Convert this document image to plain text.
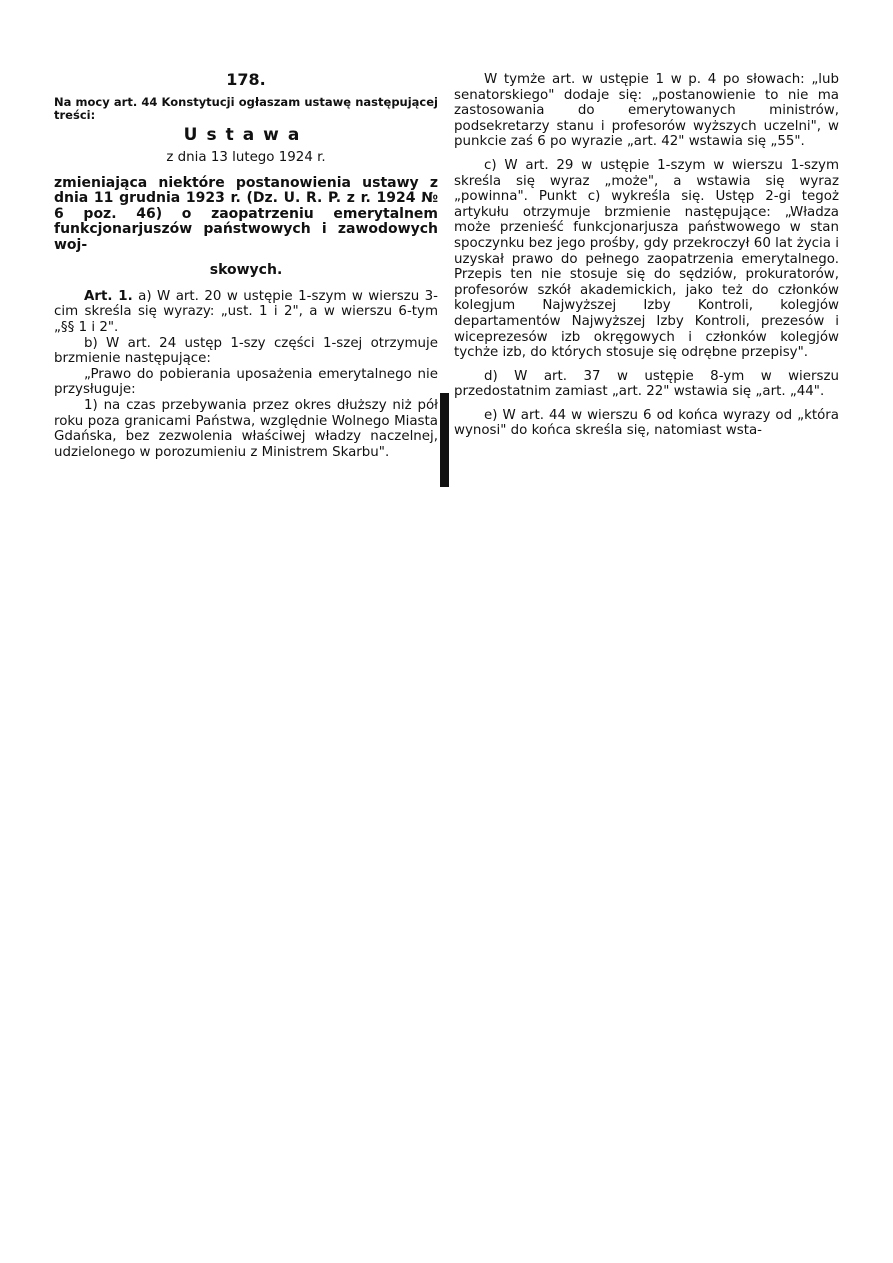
178.
Na mocy art. 44 Konstytucji ogłaszam ustawę następującej treści:
Ustawa
z dnia 13 lutego 1924 r.
zmieniająca niektóre postanowienia ustawy z dnia 11 grudnia 1923 r. (Dz. U. R. P. z r. 1924 № 6 poz. 46) o zaopatrzeniu emerytalnem funkcjonarjuszów państwowych i zawodowych woj-
skowych.

Art. 1. a) W art. 20 w ustępie 1-szym w wierszu 3-cim skreśla się wyrazy: „ust. 1 i 2", a w wierszu 6-tym „§§ 1 i 2".

b) W art. 24 ustęp 1-szy części 1-szej otrzymuje brzmienie następujące:

„Prawo do pobierania uposażenia emerytalnego nie przysługuje:

1) na czas przebywania przez okres dłuższy niż pół roku poza granicami Państwa, względnie Wolnego Miasta Gdańska, bez zezwolenia właściwej władzy naczelnej, udzielonego w porozumieniu z Ministrem Skarbu".

W tymże art. w ustępie 1 w p. 4 po słowach: „lub senatorskiego" dodaje się: „postanowienie to nie ma zastosowania do emerytowanych ministrów, podsekretarzy stanu i profesorów wyższych uczelni", w punkcie zaś 6 po wyrazie „art. 42" wstawia się „55".

c) W art. 29 w ustępie 1-szym w wierszu 1-szym skreśla się wyraz „może", a wstawia się wyraz „powinna". Punkt c) wykreśla się. Ustęp 2-gi tegoż artykułu otrzymuje brzmienie następujące: „Władza może przenieść funkcjonarjusza państwowego w stan spoczynku bez jego prośby, gdy przekroczył 60 lat życia i uzyskał prawo do pełnego zaopatrzenia emerytalnego. Przepis ten nie stosuje się do sędziów, prokuratorów, profesorów szkół akademickich, jako też do członków kolegjum Najwyższej Izby Kontroli, kolegjów departamentów Najwyższej Izby Kontroli, prezesów i wiceprezesów izb okręgowych i członków kolegjów tychże izb, do których stosuje się odrębne przepisy".

d) W art. 37 w ustępie 8-ym w wierszu przedostatnim zamiast „art. 22" wstawia się „art. „44".

e) W art. 44 w wierszu 6 od końca wyrazy od „która wynosi" do końca skreśla się, natomiast wsta-
